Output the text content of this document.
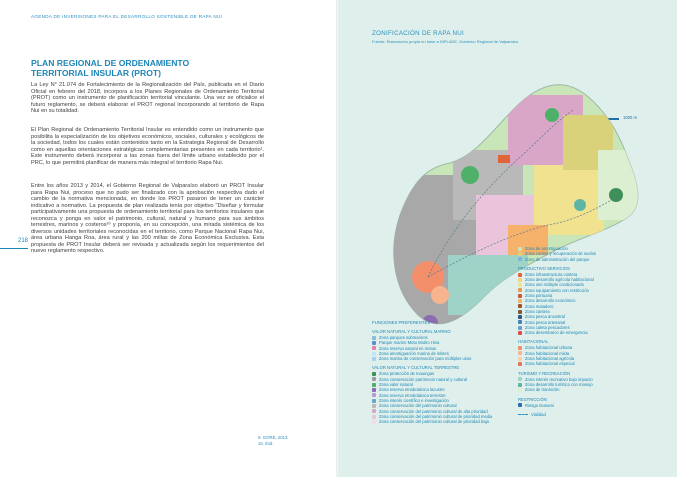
AGENDA DE INVERSIONES PARA EL DESARROLLO SOSTENIBLE DE RAPA NUI
PLAN REGIONAL DE ORDENAMIENTO
TERRITORIAL INSULAR (PROT)

La Ley N° 21.074 de Fortalecimiento de la Regionalización del País, publicada en el Diario Oficial en febrero del 2018, incorpora a los Planes Regionales de Ordenamiento Territorial (PROT) como un instrumento de planificación territorial vinculante. Una vez se oficialice el futuro reglamento, se deberá elaborar el PROT regional incorporando al territorio de Rapa Nui en su totalidad.

El Plan Regional de Ordenamiento Territorial Insular es entendido como un instrumento que posibilita la especialización de los objetivos económicos, sociales, culturales y ecológicos de la sociedad, todos los cuales están contenidos tanto en la Estrategia Regional de Desarrollo como en aquellas orientaciones estratégicas complementarias presentes en cada territorio¹. Este instrumento deberá incorporar a las zonas fuera del límite urbano establecido por el PRC, lo que permitirá planificar de manera más integral el territorio Rapa Nui.

Entre los años 2013 y 2014, el Gobierno Regional de Valparaíso elaboró un PROT Insular para Rapa Nui, proceso que no pudo ser finalizado con la aprobación respectiva dado el cambio de la normativa mencionada, en donde los PROT pasaron de tener un carácter indicativo a normativo. La propuesta de plan realizada tenía por objetivo "Diseñar y formular participativamente una propuesta de ordenamiento territorial para los territorios insulares que reconozca y ponga en valor el patrimonio, cultural, natural y humano para sus ámbitos terrestres, marinos y costeros¹⁰ y proponía, en su concepción, una mirada sistémica de los diversos unidades territoriales reconocidas en el territorio, como Parque Nacional Rapa Nui, área urbana Hanga Roa, área rural y las 200 millas de Zona Económica Exclusiva. Esta propuesta de PROT Insular deberá ser revisada y actualizada según los requerimientos del nuevo reglamento respectivo.

218
9. GORE, 2013.
10. Ibid.
ZONIFICACIÓN DE RAPA NUI
Fuente: Elaboración propia en base a DIPLADE, Gobierno Regional de Valparaíso
1000 m
FUNCIONES PREFERENTES
VALOR NATURAL Y CULTURAL MARINO
Zona parques submarinos
Parque marino Motu Motiro Hiva
Zona reserva natural en motus
Zona amortiguación marina de islotes
Zona marina de conservación para múltiples usos
VALOR NATURAL Y CULTURAL TERRESTRE
Zona protección de mauingas
Zona conservación patrimonio natural y cultural
Zona valor natural
Zona reserva etnobotánica lacustre
Zona reserva etnobotánica terrestre
Zona interés científico e investigación
Zona conservación del patrimonio cultural
Zona conservación del patrimonio cultural de alta prioridad
Zona conservación del patrimonio cultural de prioridad media
Zona conservación del patrimonio cultural de prioridad baja
Zona de amortiguación
Zona control y recuperación de suelos
Zona de administración del parque
PRODUCTIVO SERVICIOS
Zona infraestructura costera
Zona desarrollo agrícola habitacional
Zona uso múltiple condicionado
Zona equipamiento con restricción
Zona portuaria
Zona desarrollo económico
Zona matadero
Zona cantera
Zona pesca ancestral
Zona pesca artesanal
Zona caleta pescadores
Zona desembarco de emergencia
HABITACIONAL
Zona habitacional urbana
Zona habitacional mixta
Zona habitacional agrícola
Zona habitacional especial
TURISMO Y RECREACIÓN
Zona interés recreativo bajo impacto
Zona desarrollo turístico con manejo
Zona de transición
RESTRICCIÓN
Riesgo tsunami
Vialidad
